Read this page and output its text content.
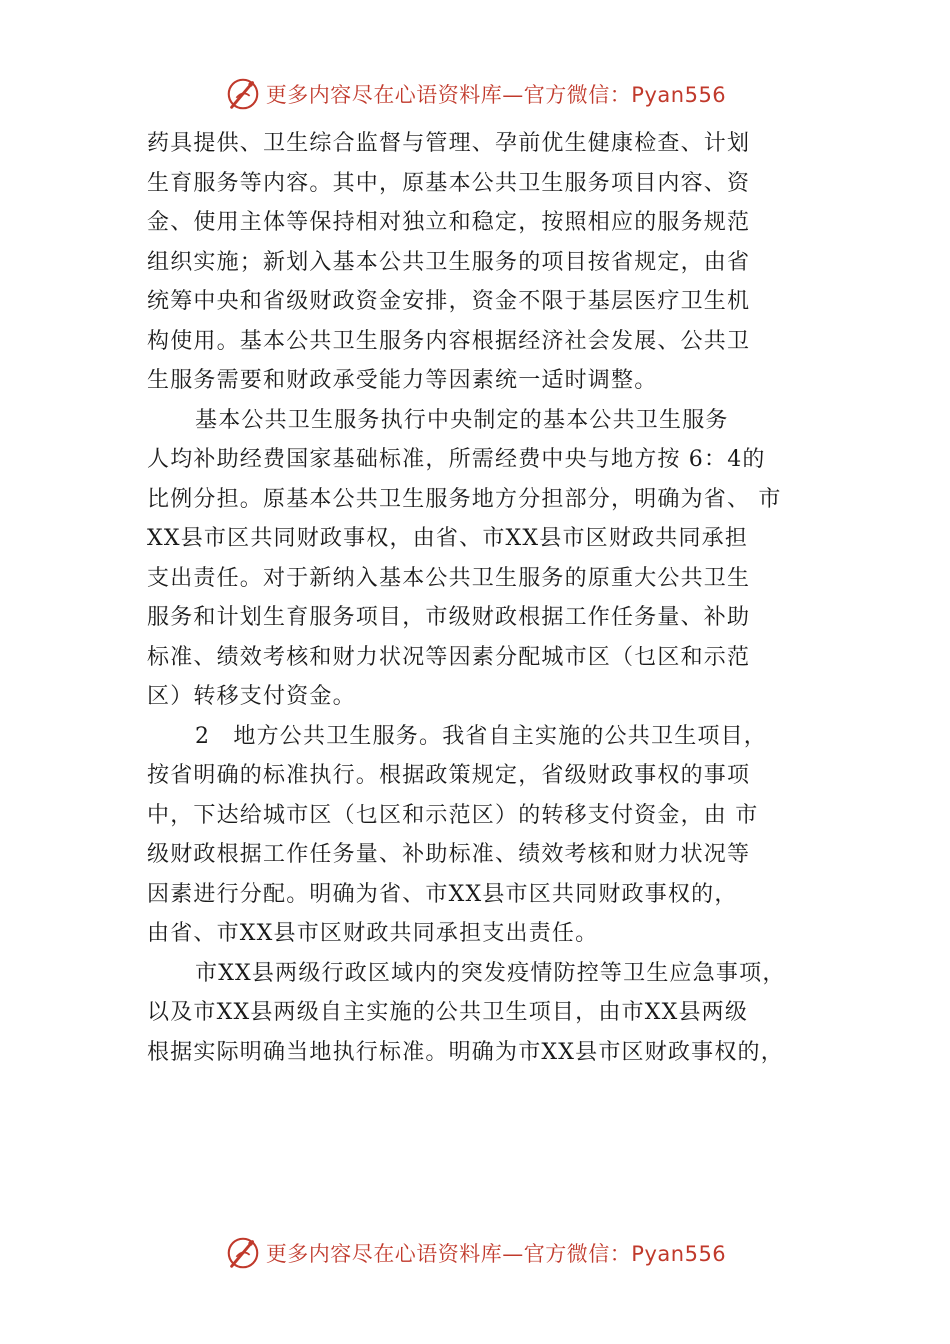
更多内容尽在心语资料库—官方微信：Pyan556
药具提供、卫生综合监督与管理、孕前优生健康检查、计划
生育服务等内容。其中，原基本公共卫生服务项目内容、资
金、使用主体等保持相对独立和稳定，按照相应的服务规范
组织实施；新划入基本公共卫生服务的项目按省规定，由省
统筹中央和省级财政资金安排，资金不限于基层医疗卫生机
构使用。基本公共卫生服务内容根据经济社会发展、公共卫
生服务需要和财政承受能力等因素统一适时调整。
基本公共卫生服务执行中央制定的基本公共卫生服务
人均补助经费国家基础标准，所需经费中央与地方按 6：4的
比例分担。原基本公共卫生服务地方分担部分，明确为省、 市
XX县市区共同财政事权，由省、市XX县市区财政共同承担
支出责任。对于新纳入基本公共卫生服务的原重大公共卫生
服务和计划生育服务项目，市级财政根据工作任务量、补助
标准、绩效考核和财力状况等因素分配城市区（乜区和示范
区）转移支付资金。
2　地方公共卫生服务。我省自主实施的公共卫生项目，
按省明确的标准执行。根据政策规定，省级财政事权的事项
中，下达给城市区（乜区和示范区）的转移支付资金，由 市
级财政根据工作任务量、补助标准、绩效考核和财力状况等
因素进行分配。明确为省、市XX县市区共同财政事权的，
由省、市XX县市区财政共同承担支出责任。
市XX县两级行政区域内的突发疫情防控等卫生应急事项，
以及市XX县两级自主实施的公共卫生项目，由市XX县两级
根据实际明确当地执行标准。明确为市XX县市区财政事权的，
更多内容尽在心语资料库—官方微信：Pyan556
